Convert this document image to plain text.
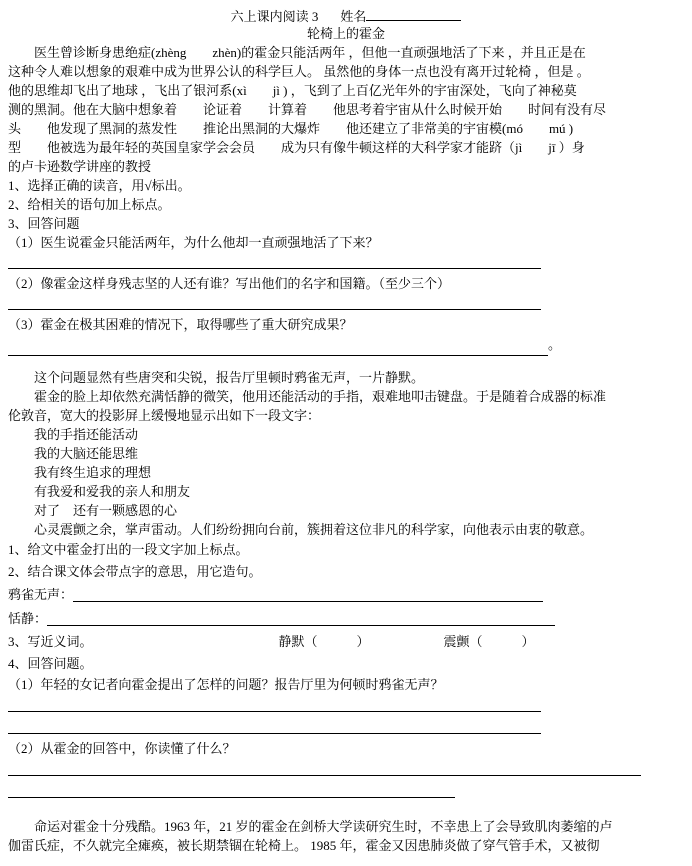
六上课内阅读 3 姓名
轮椅上的霍金
　　医生曾诊断身患绝症(zhèng　　zhèn)的霍金只能活两年 ，但他一直顽强地活了下来 ，并且正是在
这种令人难以想象的艰难中成为世界公认的科学巨人。 虽然他的身体一点也没有离开过轮椅 ，但是 。
他的思维却飞出了地球 ，飞出了银河系(xì　　jì ) ，飞到了上百亿光年外的宇宙深处，飞向了神秘莫
测的黑洞。他在大脑中想象着　　论证着　　计算着　　他思考着宇宙从什么时候开始　　时间有没有尽
头　　他发现了黑洞的蒸发性　　推论出黑洞的大爆炸　　他还建立了非常美的宇宙模(mó　　mú )
型　　他被选为最年轻的英国皇家学会会员　　成为只有像牛顿这样的大科学家才能跻（jì　　jī ）身
的卢卡逊数学讲座的教授
1、选择正确的读音，用√标出。
2、给相关的语句加上标点。
3、回答问题
（1）医生说霍金只能活两年，为什么他却一直顽强地活了下来？
（2）像霍金这样身残志坚的人还有谁？写出他们的名字和国籍。（至少三个）
（3）霍金在极其困难的情况下，取得哪些了重大研究成果？
。
　　这个问题显然有些唐突和尖锐，报告厅里顿时鸦雀无声，一片静默。
　　霍金的脸上却依然充满恬静的微笑，他用还能活动的手指，艰难地叩击键盘。于是随着合成器的标准
伦敦音，宽大的投影屏上缓慢地显示出如下一段文字：
　　我的手指还能活动
　　我的大脑还能思维
　　我有终生追求的理想
　　有我爱和爱我的亲人和朋友
　　对了　还有一颗感恩的心
　　心灵震颤之余，掌声雷动。人们纷纷拥向台前，簇拥着这位非凡的科学家，向他表示由衷的敬意。
1、给文中霍金打出的一段文字加上标点。
2、结合课文体会带点字的意思，用它造句。
鸦雀无声：
恬静：
3、写近义词。	静默（　　　）	震颤（　　　）
4、回答问题。
（1）年轻的女记者向霍金提出了怎样的问题？报告厅里为何顿时鸦雀无声？
（2）从霍金的回答中，你读懂了什么？
　　命运对霍金十分残酷。1963 年，21 岁的霍金在剑桥大学读研究生时，不幸患上了会导致肌肉萎缩的卢
伽雷氏症，不久就完全瘫痪，被长期禁锢在轮椅上。 1985 年，霍金又因患肺炎做了穿气管手术，又被彻
